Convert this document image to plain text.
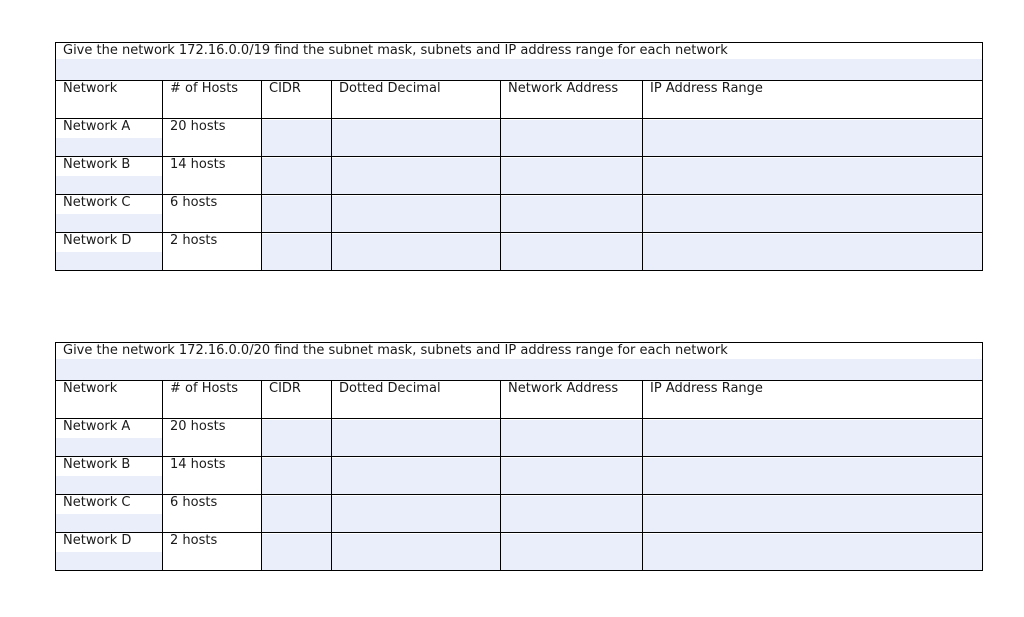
Give the network 172.16.0.0/19 find the subnet mask, subnets and IP address range for each network					

Network	# of Hosts	CIDR	Dotted Decimal	Network Address	IP Address Range

Network A	20 hosts				

Network B	14 hosts				

Network C	6 hosts				

Network D	2 hosts				

Give the network 172.16.0.0/20 find the subnet mask, subnets and IP address range for each network					

Network	# of Hosts	CIDR	Dotted Decimal	Network Address	IP Address Range

Network A	20 hosts				

Network B	14 hosts				

Network C	6 hosts				

Network D	2 hosts				
